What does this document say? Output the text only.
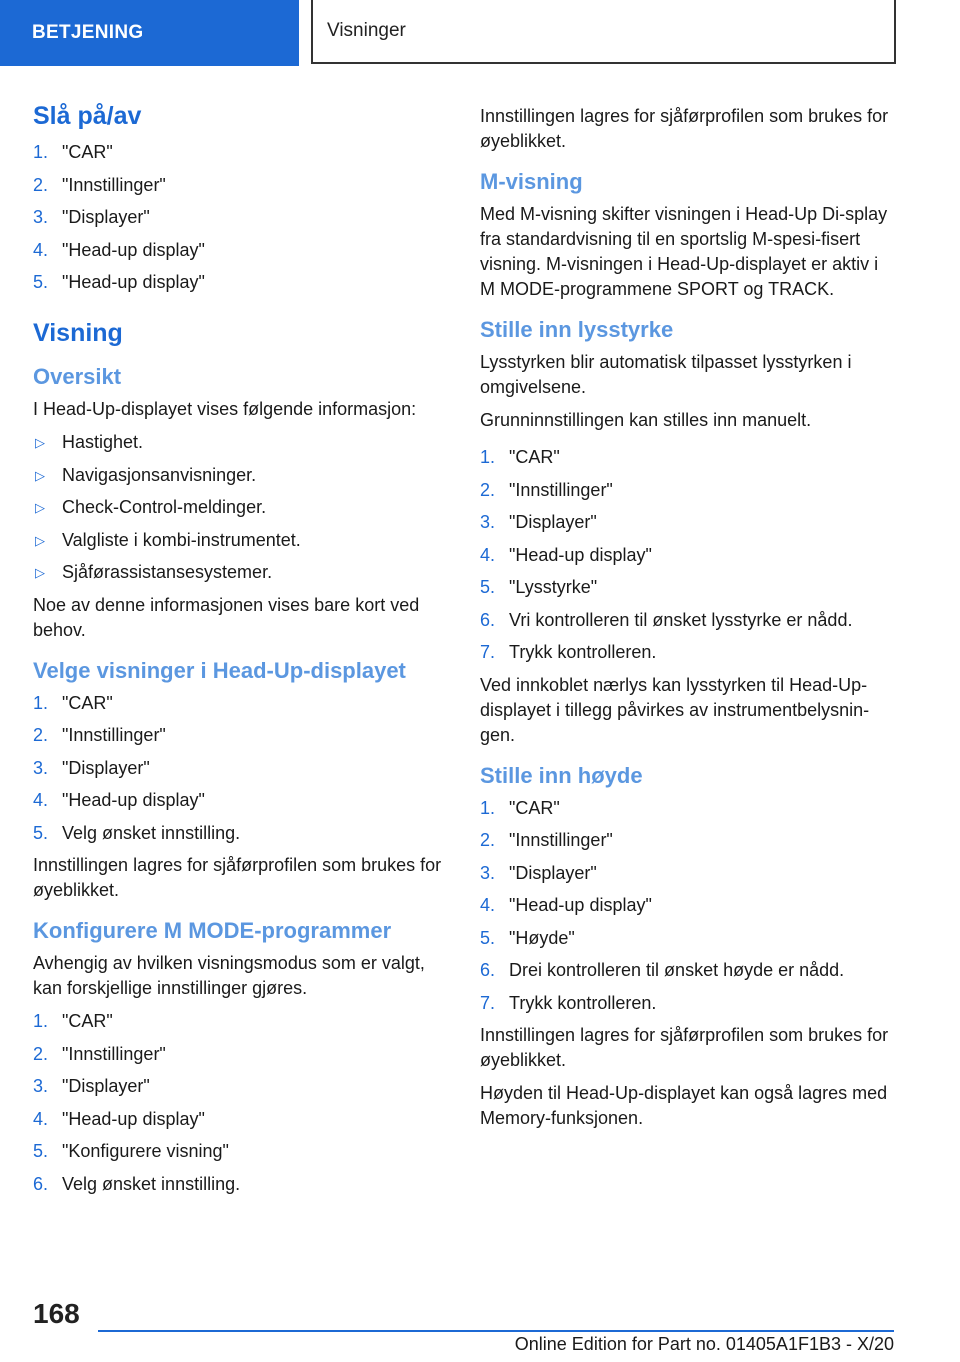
BETJENING	Visninger
Slå på/av
1. "CAR"
2. "Innstillinger"
3. "Displayer"
4. "Head-up display"
5. "Head-up display"
Visning
Oversikt

I Head-Up-displayet vises følgende informasjon:

▷ Hastighet.
▷ Navigasjonsanvisninger.
▷ Check-Control-meldinger.
▷ Valgliste i kombi-instrumentet.
▷ Sjåførassistansesystemer.

Noe av denne informasjonen vises bare kort ved behov.

Velge visninger i Head-Up-displayet
1. "CAR"
2. "Innstillinger"
3. "Displayer"
4. "Head-up display"
5. Velg ønsket innstilling.

Innstillingen lagres for sjåførprofilen som brukes for øyeblikket.

Konfigurere M MODE-programmer

Avhengig av hvilken visningsmodus som er valgt, kan forskjellige innstillinger gjøres.

1. "CAR"
2. "Innstillinger"
3. "Displayer"
4. "Head-up display"
5. "Konfigurere visning"
6. Velg ønsket innstilling.

Innstillingen lagres for sjåførprofilen som brukes for øyeblikket.

M-visning

Med M-visning skifter visningen i Head-Up Di-splay fra standardvisning til en sportslig M-spesi-fisert visning. M-visningen i Head-Up-displayet er aktiv i M MODE-programmene SPORT og TRACK.

Stille inn lysstyrke

Lysstyrken blir automatisk tilpasset lysstyrken i omgivelsene.

Grunninnstillingen kan stilles inn manuelt.

1. "CAR"
2. "Innstillinger"
3. "Displayer"
4. "Head-up display"
5. "Lysstyrke"
6. Vri kontrolleren til ønsket lysstyrke er nådd.
7. Trykk kontrolleren.

Ved innkoblet nærlys kan lysstyrken til Head-Up-displayet i tillegg påvirkes av instrumentbelysnin-gen.

Stille inn høyde
1. "CAR"
2. "Innstillinger"
3. "Displayer"
4. "Head-up display"
5. "Høyde"
6. Drei kontrolleren til ønsket høyde er nådd.
7. Trykk kontrolleren.

Innstillingen lagres for sjåførprofilen som brukes for øyeblikket.

Høyden til Head-Up-displayet kan også lagres med Memory-funksjonen.

168
Online Edition for Part no. 01405A1F1B3 - X/20
